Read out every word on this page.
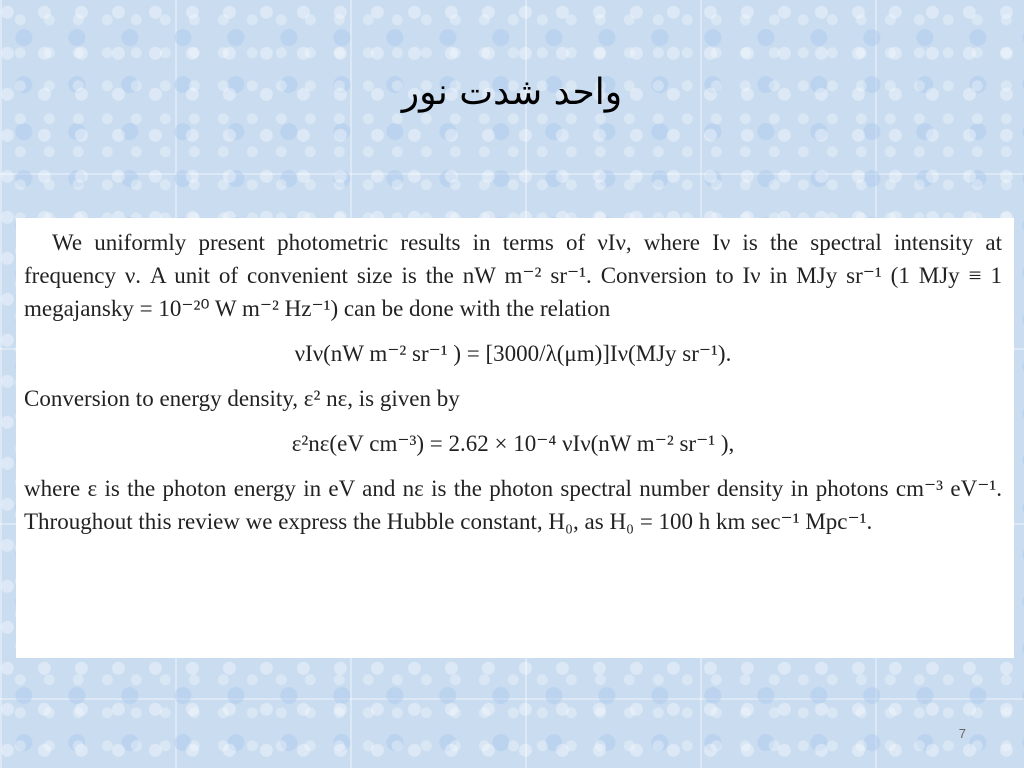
واحد شدت نور

We uniformly present photometric results in terms of νIν, where Iν is the spectral intensity at frequency ν. A unit of convenient size is the nW m⁻² sr⁻¹. Conversion to Iν in MJy sr⁻¹ (1 MJy ≡ 1 megajansky = 10⁻²⁰ W m⁻² Hz⁻¹) can be done with the relation

νIν(nW m⁻² sr⁻¹ ) = [3000/λ(μm)]Iν(MJy sr⁻¹).

Conversion to energy density, ε² nε, is given by

ε²nε(eV cm⁻³) = 2.62 × 10⁻⁴ νIν(nW m⁻² sr⁻¹ ),

where ε is the photon energy in eV and nε is the photon spectral number density in photons cm⁻³ eV⁻¹. Throughout this review we express the Hubble constant, H₀, as H₀ = 100 h km sec⁻¹ Mpc⁻¹.

7
